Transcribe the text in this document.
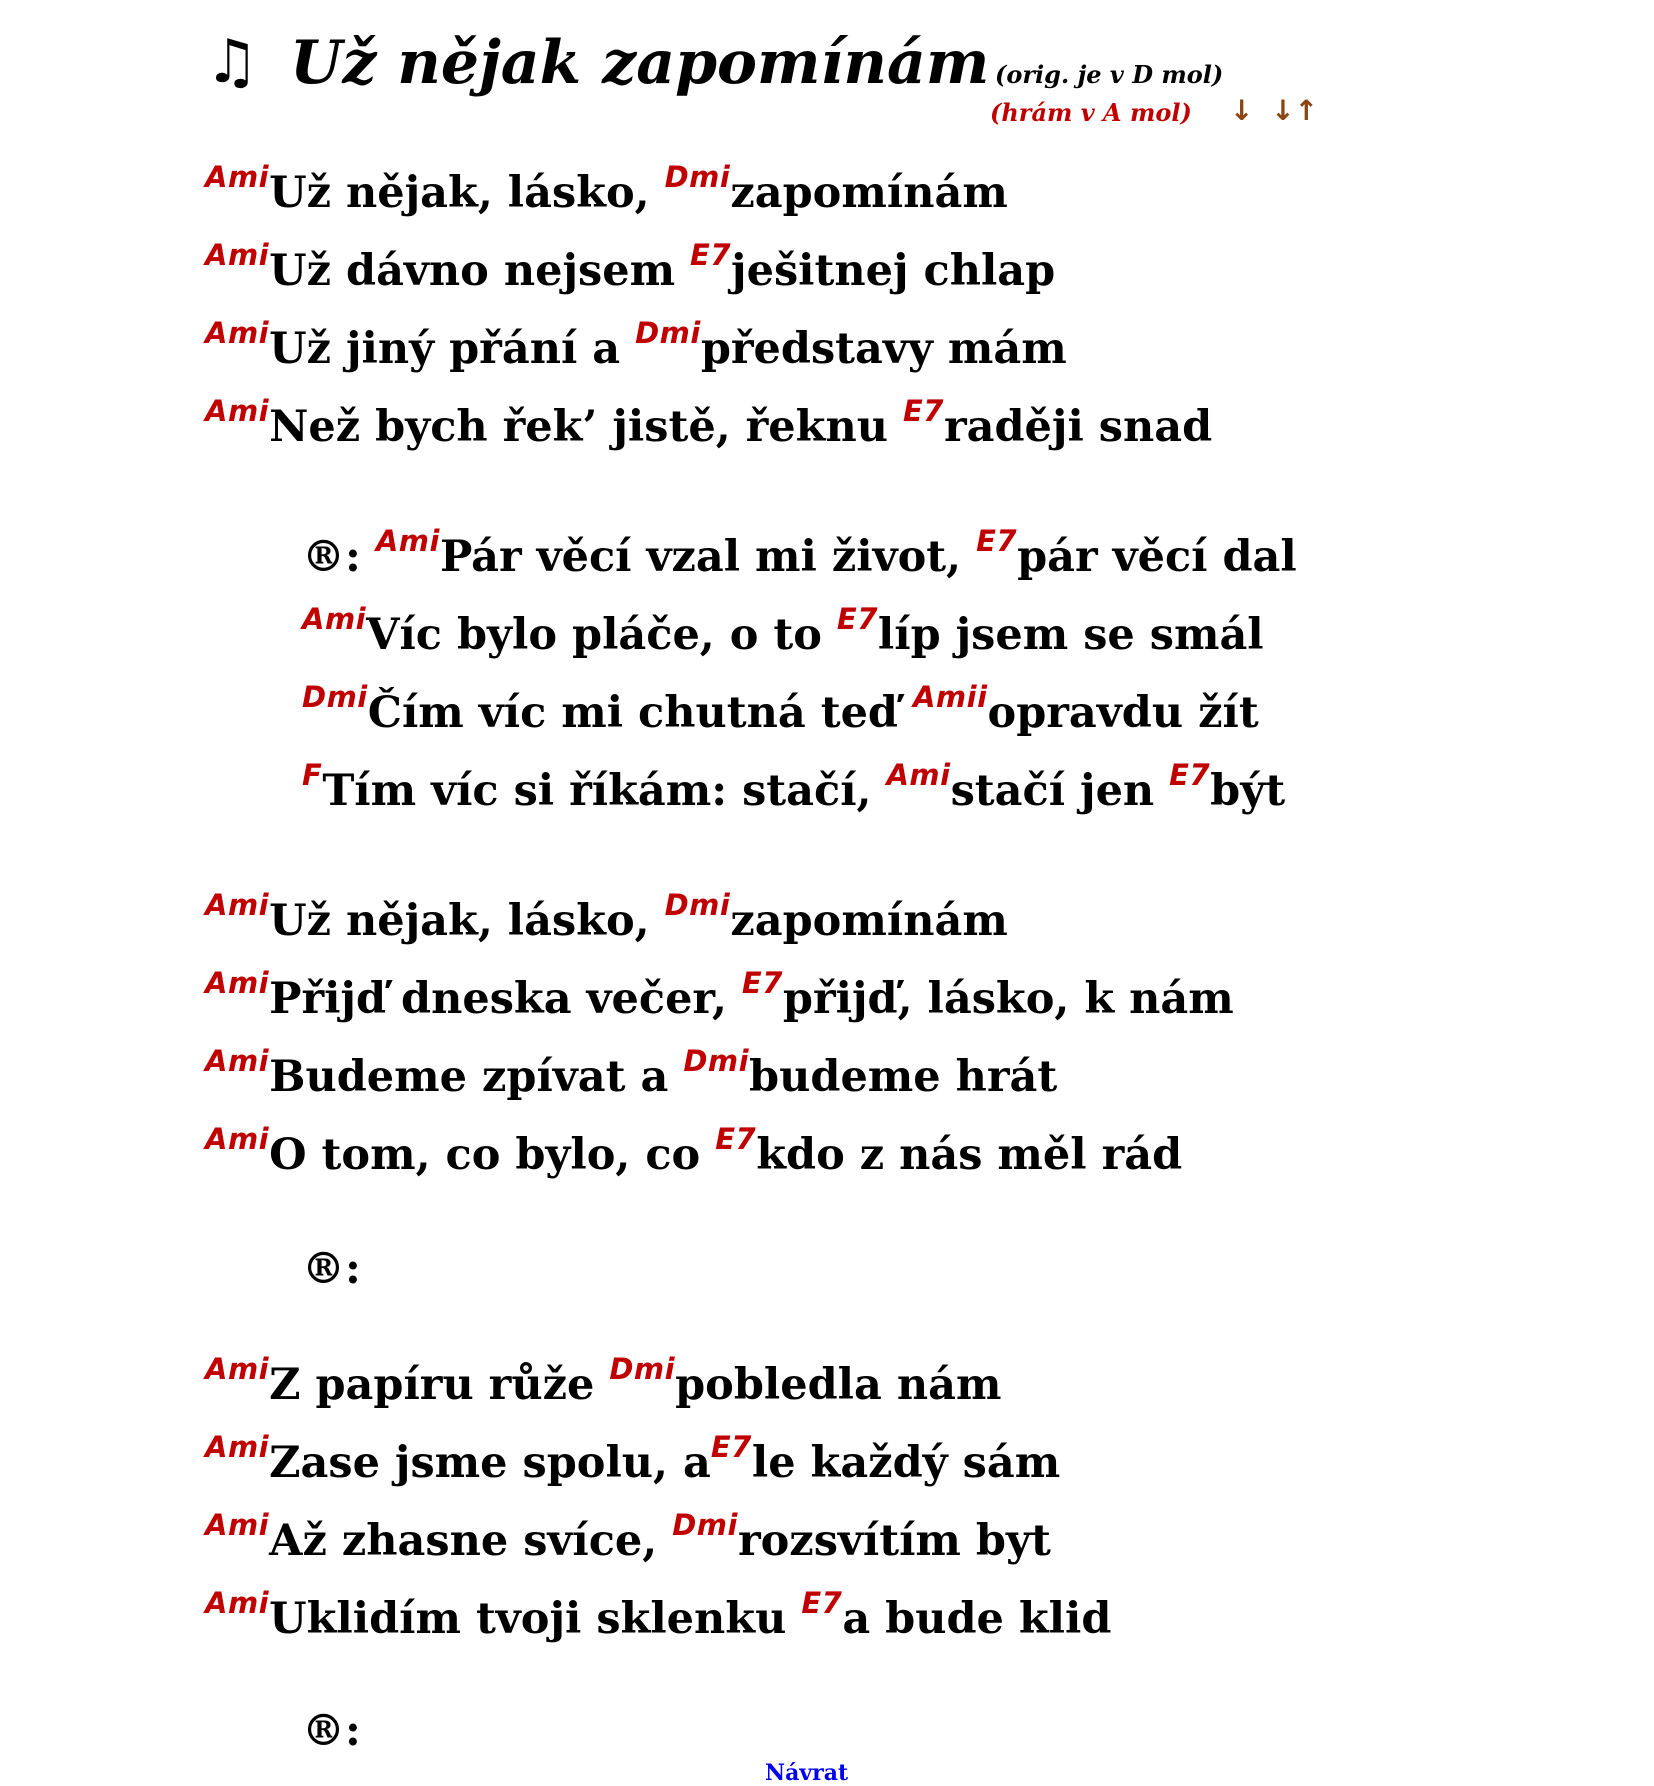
♫ Už nějak zapomínám (orig. je v D mol)
(hrám v A mol) ↓ ↓↑
$^{Ami}$Už nějak, lásko, $^{Dmi}$zapomínám
$^{Ami}$Už dávno nejsem $^{E7}$ješitnej chlap
$^{Ami}$Už jiný přání a $^{Dmi}$představy mám
$^{Ami}$Než bych řek’ jistě, řeknu $^{E7}$raději snad
®: $^{Ami}$Pár věcí vzal mi život, $^{E7}$pár věcí dal
$^{Ami}$Víc bylo pláče, o to $^{E7}$líp jsem se smál
$^{Dmi}$Čím víc mi chutná teď $^{Amii}$opravdu žít
$^F$Tím víc si říkám: stačí, $^{Ami}$stačí jen $^{E7}$být
$^{Ami}$Už nějak, lásko, $^{Dmi}$zapomínám
$^{Ami}$Přijď dneska večer, $^{E7}$přijď, lásko, k nám
$^{Ami}$Budeme zpívat a $^{Dmi}$budeme hrát
$^{Ami}$O tom, co bylo, co $^{E7}$kdo z nás měl rád
®:
$^{Ami}$Z papíru růže $^{Dmi}$pobledla nám
$^{Ami}$Zase jsme spolu, $a^{E7}le$ každý sám
$^{Ami}$Až zhasne svíce, $^{Dmi}$rozsvítím byt
$^{Ami}$Uklidím tvoji sklenku $^{E7}$a bude klid
®:
Návrat
